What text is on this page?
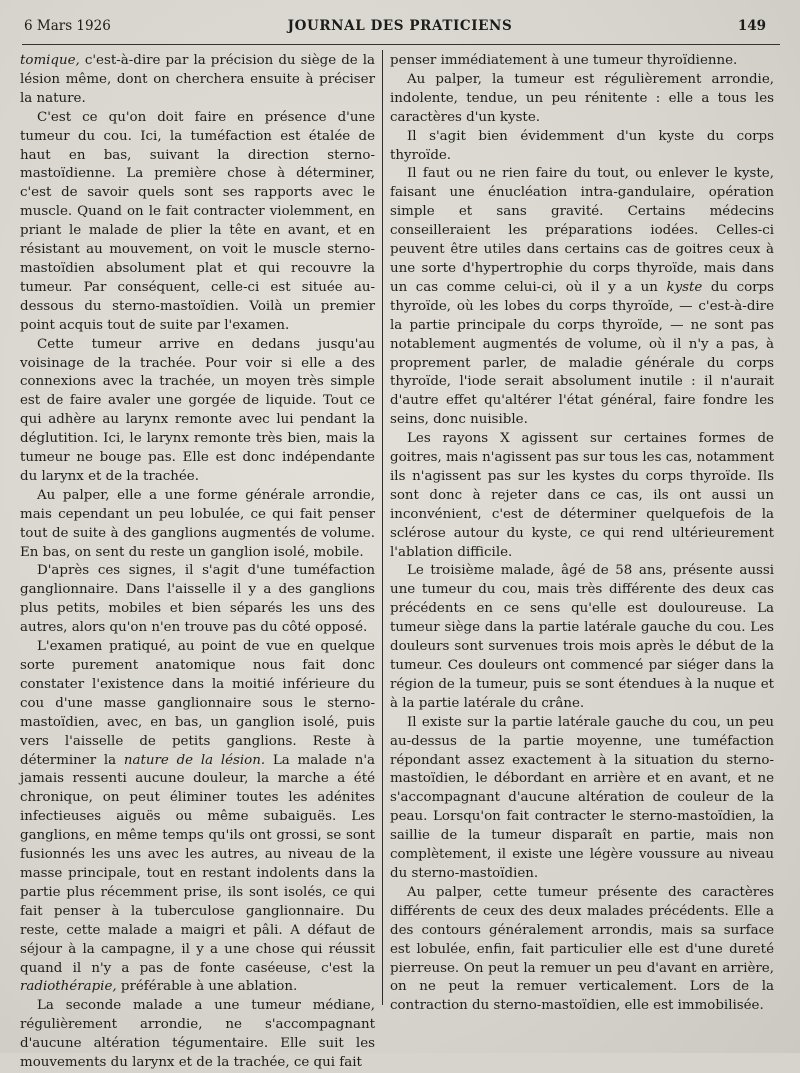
6 Mars 1926	JOURNAL DES PRATICIENS	149

tomique, c'est-à-dire par la précision du siège de la lésion même, dont on cherchera ensuite à préciser la nature.

C'est ce qu'on doit faire en présence d'une tumeur du cou. Ici, la tuméfaction est étalée de haut en bas, suivant la direction sterno-mastoïdienne. La première chose à déterminer, c'est de savoir quels sont ses rapports avec le muscle. Quand on le fait contracter violemment, en priant le malade de plier la tête en avant, et en résistant au mouvement, on voit le muscle sterno-mastoïdien absolument plat et qui recouvre la tumeur. Par conséquent, celle-ci est située au-dessous du sterno-mastoïdien. Voilà un premier point acquis tout de suite par l'examen.

Cette tumeur arrive en dedans jusqu'au voisinage de la trachée. Pour voir si elle a des connexions avec la trachée, un moyen très simple est de faire avaler une gorgée de liquide. Tout ce qui adhère au larynx remonte avec lui pendant la déglutition. Ici, le larynx remonte très bien, mais la tumeur ne bouge pas. Elle est donc indépendante du larynx et de la trachée.

Au palper, elle a une forme générale arrondie, mais cependant un peu lobulée, ce qui fait penser tout de suite à des ganglions augmentés de volume. En bas, on sent du reste un ganglion isolé, mobile.

D'après ces signes, il s'agit d'une tuméfaction ganglionnaire. Dans l'aisselle il y a des ganglions plus petits, mobiles et bien séparés les uns des autres, alors qu'on n'en trouve pas du côté opposé.

L'examen pratiqué, au point de vue en quelque sorte purement anatomique nous fait donc constater l'existence dans la moitié inférieure du cou d'une masse ganglionnaire sous le sterno-mastoïdien, avec, en bas, un ganglion isolé, puis vers l'aisselle de petits ganglions. Reste à déterminer la nature de la lésion. La malade n'a jamais ressenti aucune douleur, la marche a été chronique, on peut éliminer toutes les adénites infectieuses aiguës ou même subaiguës. Les ganglions, en même temps qu'ils ont grossi, se sont fusionnés les uns avec les autres, au niveau de la masse principale, tout en restant indolents dans la partie plus récemment prise, ils sont isolés, ce qui fait penser à la tuberculose ganglionnaire. Du reste, cette malade a maigri et pâli. A défaut de séjour à la campagne, il y a une chose qui réussit quand il n'y a pas de fonte caséeuse, c'est la radiothérapie, préférable à une ablation.

La seconde malade a une tumeur médiane, régulièrement arrondie, ne s'accompagnant d'aucune altération tégumentaire. Elle suit les mouvements du larynx et de la trachée, ce qui fait

penser immédiatement à une tumeur thyroïdienne.

Au palper, la tumeur est régulièrement arrondie, indolente, tendue, un peu rénitente : elle a tous les caractères d'un kyste.

Il s'agit bien évidemment d'un kyste du corps thyroïde.

Il faut ou ne rien faire du tout, ou enlever le kyste, faisant une énucléation intra-gandulaire, opération simple et sans gravité. Certains médecins conseilleraient les préparations iodées. Celles-ci peuvent être utiles dans certains cas de goitres ceux à une sorte d'hypertrophie du corps thyroïde, mais dans un cas comme celui-ci, où il y a un kyste du corps thyroïde, où les lobes du corps thyroïde, — c'est-à-dire la partie principale du corps thyroïde, — ne sont pas notablement augmentés de volume, où il n'y a pas, à proprement parler, de maladie générale du corps thyroïde, l'iode serait absolument inutile : il n'aurait d'autre effet qu'altérer l'état général, faire fondre les seins, donc nuisible.

Les rayons X agissent sur certaines formes de goitres, mais n'agissent pas sur tous les cas, notamment ils n'agissent pas sur les kystes du corps thyroïde. Ils sont donc à rejeter dans ce cas, ils ont aussi un inconvénient, c'est de déterminer quelquefois de la sclérose autour du kyste, ce qui rend ultérieurement l'ablation difficile.

Le troisième malade, âgé de 58 ans, présente aussi une tumeur du cou, mais très différente des deux cas précédents en ce sens qu'elle est douloureuse. La tumeur siège dans la partie latérale gauche du cou. Les douleurs sont survenues trois mois après le début de la tumeur. Ces douleurs ont commencé par siéger dans la région de la tumeur, puis se sont étendues à la nuque et à la partie latérale du crâne.

Il existe sur la partie latérale gauche du cou, un peu au-dessus de la partie moyenne, une tuméfaction répondant assez exactement à la situation du sterno-mastoïdien, le débordant en arrière et en avant, et ne s'accompagnant d'aucune altération de couleur de la peau. Lorsqu'on fait contracter le sterno-mastoïdien, la saillie de la tumeur disparaît en partie, mais non complètement, il existe une légère voussure au niveau du sterno-mastoïdien.

Au palper, cette tumeur présente des caractères différents de ceux des deux malades précédents. Elle a des contours généralement arrondis, mais sa surface est lobulée, enfin, fait particulier elle est d'une dureté pierreuse. On peut la remuer un peu d'avant en arrière, on ne peut la remuer verticalement. Lors de la contraction du sterno-mastoïdien, elle est immobilisée.
